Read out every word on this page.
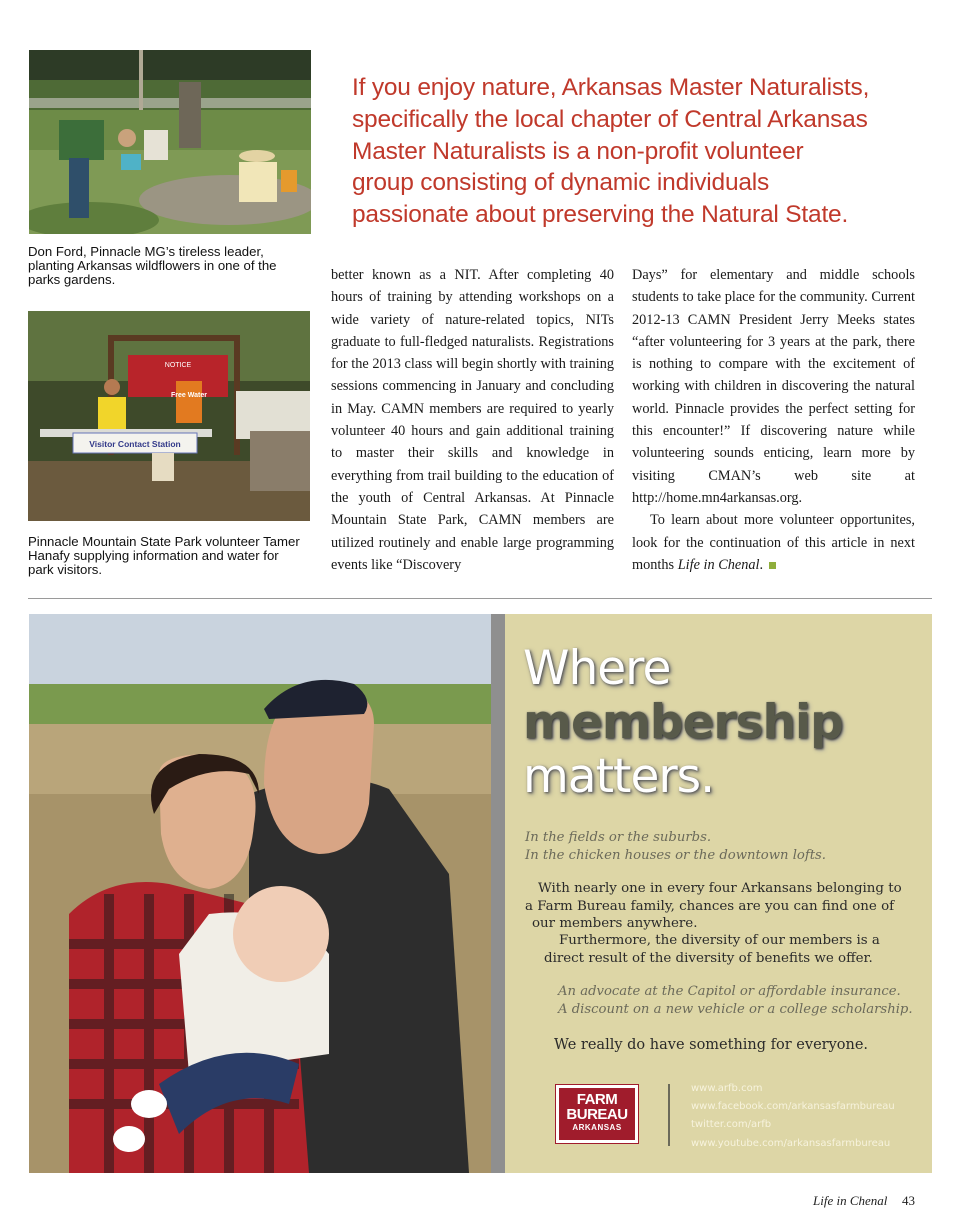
Don Ford, Pinnacle MG’s tireless leader,
planting Arkansas wildflowers in one of the
parks gardens.
NOTICE
Visitor Contact Station
Free Water
Pinnacle Mountain State Park volunteer Tamer
Hanafy supplying information and water for
park visitors.
If you enjoy nature, Arkansas Master Naturalists,
specifically the local chapter of Central Arkansas
Master Naturalists is a non-profit volunteer
group consisting of dynamic individuals
passionate about preserving the Natural State.

better known as a NIT. After completing 40 hours of training by attending workshops on a wide variety of nature-related topics, NITs graduate to full-fledged naturalists. Registrations for the 2013 class will begin shortly with training sessions commencing in January and concluding in May. CAMN members are required to yearly volunteer 40 hours and gain additional training to master their skills and knowledge in everything from trail building to the education of the youth of Central Arkansas. At Pinnacle Mountain State Park, CAMN members are utilized routinely and enable large programming events like “Discovery

Days” for elementary and middle schools students to take place for the community. Current 2012-13 CAMN President Jerry Meeks states “after volunteering for 3 years at the park, there is nothing to compare with the excitement of working with children in discovering the natural world. Pinnacle provides the perfect setting for this encounter!” If discovering nature while volunteering sounds enticing, learn more by visiting CMAN’s web site at http://home.mn4arkansas.org.

To learn about more volunteer opportunites, look for the continuation of this article in next months Life in Chenal.

Where
membership
matters.
In the fields or the suburbs.
In the chicken houses or the downtown lofts.
With nearly one in every four Arkansans belonging to
a Farm Bureau family, chances are you can find one of
our members anywhere.
Furthermore, the diversity of our members is a
direct result of the diversity of benefits we offer.
An advocate at the Capitol or affordable insurance.
A discount on a new vehicle or a college scholarship.
We really do have something for everyone.
FARM
BUREAU
ARKANSAS
www.arfb.com
www.facebook.com/arkansasfarmbureau
twitter.com/arfb
www.youtube.com/arkansasfarmbureau
Life in Chenal 43
